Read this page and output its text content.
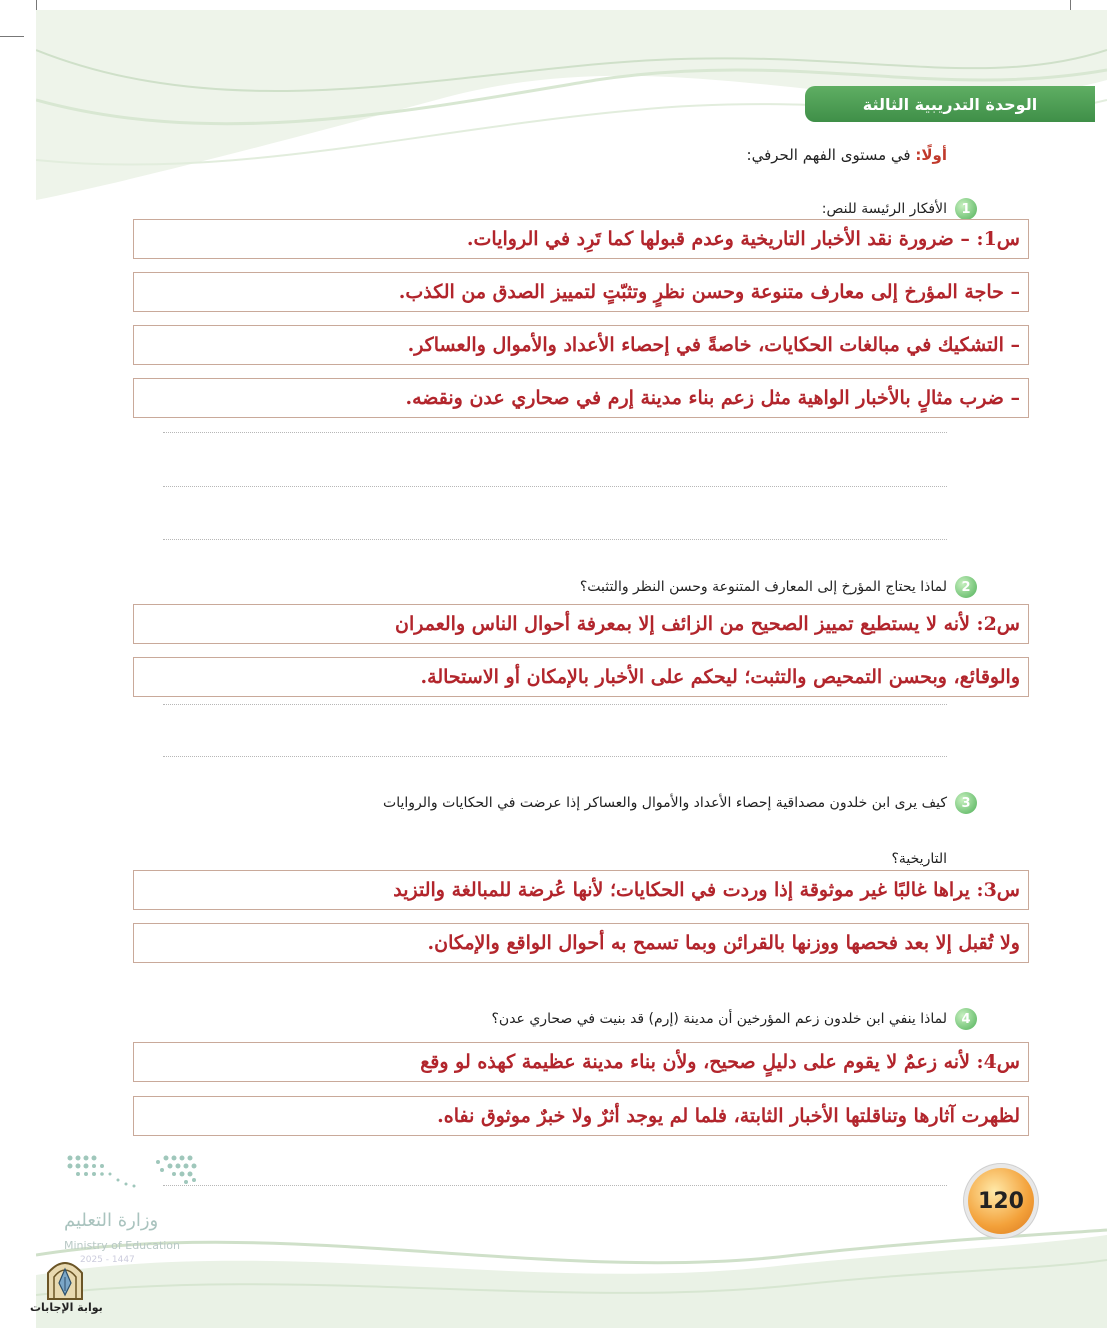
الوحدة التدريبية الثالثة
أولًا: في مستوى الفهم الحرفي:
1
الأفكار الرئيسة للنص:
س1: – ضرورة نقد الأخبار التاريخية وعدم قبولها كما تَرِد في الروايات.
– حاجة المؤرخ إلى معارف متنوعة وحسن نظرٍ وتثبّتٍ لتمييز الصدق من الكذب.
– التشكيك في مبالغات الحكايات، خاصةً في إحصاء الأعداد والأموال والعساكر.
– ضرب مثالٍ بالأخبار الواهية مثل زعم بناء مدينة إرم في صحاري عدن ونقضه.
2
لماذا يحتاج المؤرخ إلى المعارف المتنوعة وحسن النظر والتثبت؟
س2: لأنه لا يستطيع تمييز الصحيح من الزائف إلا بمعرفة أحوال الناس والعمران
والوقائع، وبحسن التمحيص والتثبت؛ ليحكم على الأخبار بالإمكان أو الاستحالة.
3
كيف يرى ابن خلدون مصداقية إحصاء الأعداد والأموال والعساكر إذا عرضت في الحكايات والروايات
التاريخية؟
س3: يراها غالبًا غير موثوقة إذا وردت في الحكايات؛ لأنها عُرضة للمبالغة والتزيد
ولا تُقبل إلا بعد فحصها ووزنها بالقرائن وبما تسمح به أحوال الواقع والإمكان.
4
لماذا ينفي ابن خلدون زعم المؤرخين أن مدينة (إرم) قد بنيت في صحاري عدن؟
س4: لأنه زعمٌ لا يقوم على دليلٍ صحيح، ولأن بناء مدينة عظيمة كهذه لو وقع
لظهرت آثارها وتناقلتها الأخبار الثابتة، فلما لم يوجد أثرٌ ولا خبرٌ موثوق نفاه.
وزارة التعليم
Ministry of Education
2025 - 1447
بوابة الإجابات
120
